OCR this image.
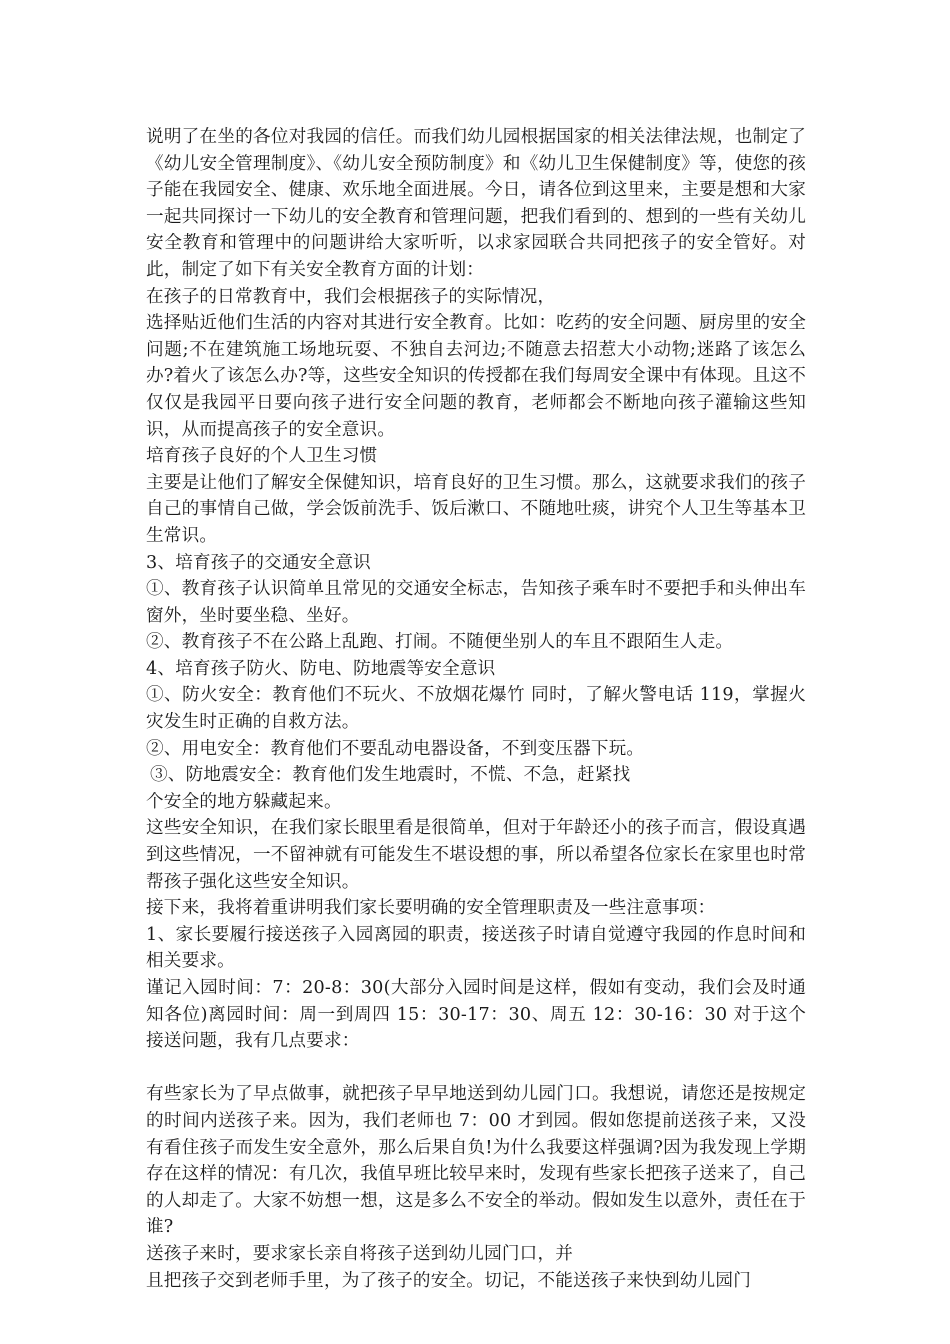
说明了在坐的各位对我园的信任。而我们幼儿园根据国家的相关法律法规，也制定了《幼儿安全管理制度》、《幼儿安全预防制度》和《幼儿卫生保健制度》等，使您的孩子能在我园安全、健康、欢乐地全面进展。今日，请各位到这里来，主要是想和大家一起共同探讨一下幼儿的安全教育和管理问题，把我们看到的、想到的一些有关幼儿安全教育和管理中的问题讲给大家听听，以求家园联合共同把孩子的安全管好。对此，制定了如下有关安全教育方面的计划：

在孩子的日常教育中，我们会根据孩子的实际情况，

选择贴近他们生活的内容对其进行安全教育。比如：吃药的安全问题、厨房里的安全问题;不在建筑施工场地玩耍、不独自去河边;不随意去招惹大小动物;迷路了该怎么办?着火了该怎么办?等，这些安全知识的传授都在我们每周安全课中有体现。且这不仅仅是我园平日要向孩子进行安全问题的教育，老师都会不断地向孩子灌输这些知识，从而提高孩子的安全意识。

培育孩子良好的个人卫生习惯

主要是让他们了解安全保健知识，培育良好的卫生习惯。那么，这就要求我们的孩子自己的事情自己做，学会饭前洗手、饭后漱口、不随地吐痰，讲究个人卫生等基本卫生常识。

3、培育孩子的交通安全意识

①、教育孩子认识简单且常见的交通安全标志，告知孩子乘车时不要把手和头伸出车窗外，坐时要坐稳、坐好。

②、教育孩子不在公路上乱跑、打闹。不随便坐别人的车且不跟陌生人走。

4、培育孩子防火、防电、防地震等安全意识

①、防火安全：教育他们不玩火、不放烟花爆竹 同时，了解火警电话 119，掌握火灾发生时正确的自救方法。

②、用电安全：教育他们不要乱动电器设备，不到变压器下玩。

③、防地震安全：教育他们发生地震时，不慌、不急，赶紧找

个安全的地方躲藏起来。

这些安全知识，在我们家长眼里看是很简单，但对于年龄还小的孩子而言，假设真遇到这些情况，一不留神就有可能发生不堪设想的事，所以希望各位家长在家里也时常帮孩子强化这些安全知识。

接下来，我将着重讲明我们家长要明确的安全管理职责及一些注意事项：

1、家长要履行接送孩子入园离园的职责，接送孩子时请自觉遵守我园的作息时间和相关要求。

谨记入园时间：7：20-8：30(大部分入园时间是这样，假如有变动，我们会及时通知各位)离园时间：周一到周四 15：30-17：30、周五 12：30-16：30 对于这个接送问题，我有几点要求：

有些家长为了早点做事，就把孩子早早地送到幼儿园门口。我想说，请您还是按规定的时间内送孩子来。因为，我们老师也 7：00 才到园。假如您提前送孩子来，又没有看住孩子而发生安全意外，那么后果自负!为什么我要这样强调?因为我发现上学期存在这样的情况：有几次，我值早班比较早来时，发现有些家长把孩子送来了，自己的人却走了。大家不妨想一想，这是多么不安全的举动。假如发生以意外，责任在于谁?

送孩子来时，要求家长亲自将孩子送到幼儿园门口，并

且把孩子交到老师手里，为了孩子的安全。切记，不能送孩子来快到幼儿园门
